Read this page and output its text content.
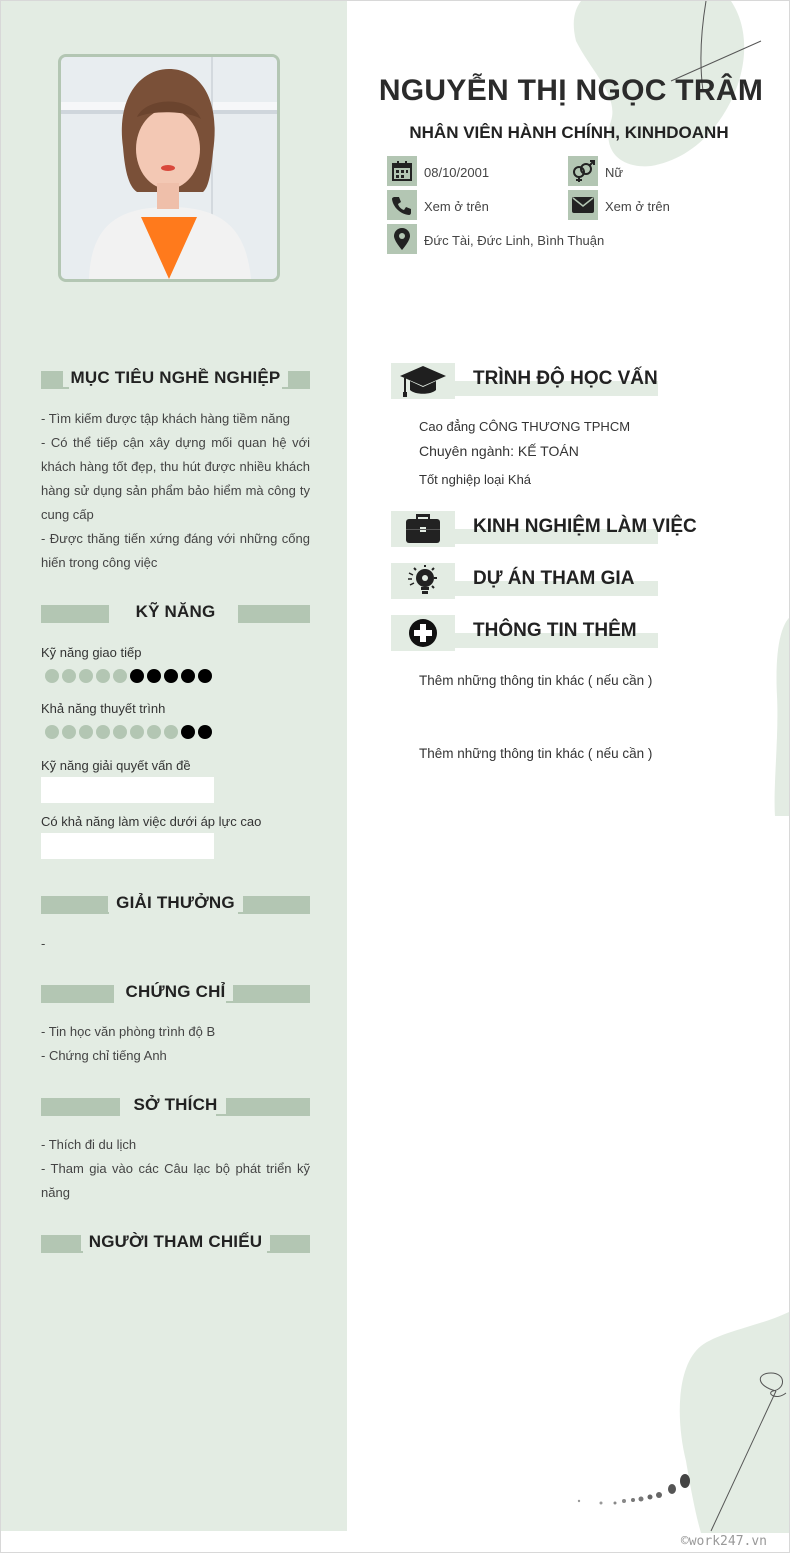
MỤC TIÊU NGHỀ NGHIỆP
- Tìm kiếm được tập khách hàng tiềm năng
- Có thể tiếp cận xây dựng mối quan hệ với khách hàng tốt đẹp, thu hút được nhiều khách hàng sử dụng sản phẩm bảo hiểm mà công ty cung cấp
- Được thăng tiến xứng đáng với những cống hiến trong công việc
KỸ NĂNG
Kỹ năng giao tiếp
Khả năng thuyết trình
Kỹ năng giải quyết vấn đề
Có khả năng làm việc dưới áp lực cao
GIẢI THƯỞNG
-
CHỨNG CHỈ
- Tin học văn phòng trình độ B
- Chứng chỉ tiếng Anh
SỞ THÍCH
- Thích đi du lịch
- Tham gia vào các Câu lạc bộ phát triển kỹ năng
NGƯỜI THAM CHIẾU
NGUYỄN THỊ NGỌC TRÂM
NHÂN VIÊN HÀNH CHÍNH, KINHDOANH
08/10/2001	Nữ
Xem ở trên	Xem ở trên
Đức Tài, Đức Linh, Bình Thuận
TRÌNH ĐỘ HỌC VẤN
Cao đẳng CÔNG THƯƠNG TPHCM
Chuyên ngành: KẾ TOÁN
Tốt nghiệp loại Khá
KINH NGHIỆM LÀM VIỆC
DỰ ÁN THAM GIA
THÔNG TIN THÊM
Thêm những thông tin khác ( nếu cần )
Thêm những thông tin khác ( nếu cần )
©work247.vn
